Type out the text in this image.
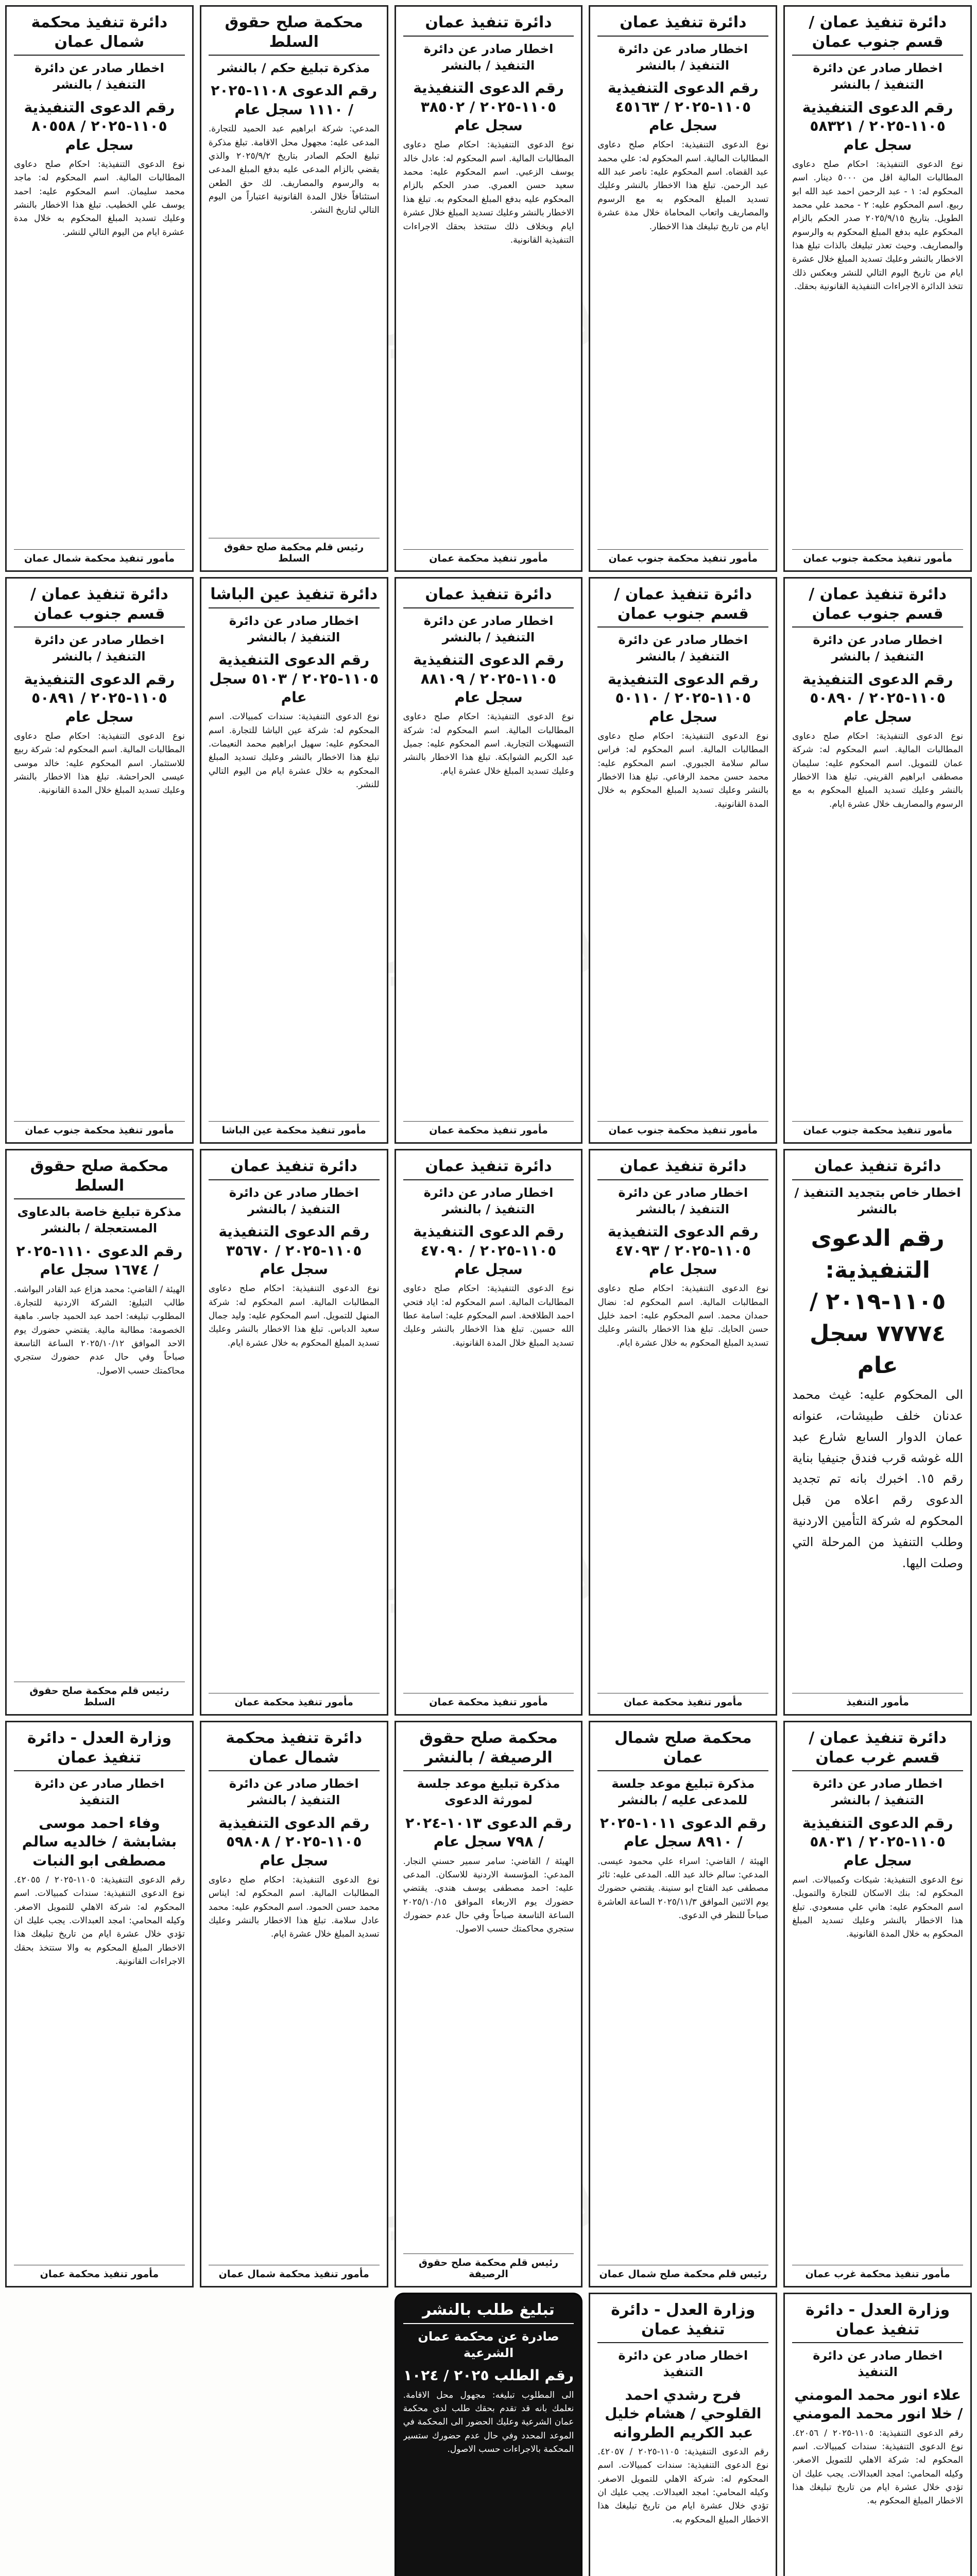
دائرة تنفيذ عمان / قسم جنوب عمان
اخطار صادر عن دائرة التنفيذ / بالنشر
رقم الدعوى التنفيذية ١١٠٥-٢٠٢٥ / ٥٨٣٢١ سجل عام
نوع الدعوى التنفيذية: احكام صلح دعاوى المطالبات المالية اقل من ٥٠٠٠ دينار. اسم المحكوم له: ١ - عبد الرحمن احمد عبد الله ابو ربيع. اسم المحكوم عليه: ٢ - محمد علي محمد الطويل. بتاريخ ٢٠٢٥/٩/١٥ صدر الحكم بالزام المحكوم عليه بدفع المبلغ المحكوم به والرسوم والمصاريف. وحيث تعذر تبليغك بالذات تبلغ هذا الاخطار بالنشر وعليك تسديد المبلغ خلال عشرة ايام من تاريخ اليوم التالي للنشر وبعكس ذلك تتخذ الدائرة الاجراءات التنفيذية القانونية بحقك.
مأمور تنفيذ محكمة جنوب عمان
دائرة تنفيذ عمان
اخطار صادر عن دائرة التنفيذ / بالنشر
رقم الدعوى التنفيذية ١١٠٥-٢٠٢٥ / ٤٥١٦٣ سجل عام
نوع الدعوى التنفيذية: احكام صلح دعاوى المطالبات المالية. اسم المحكوم له: علي محمد عبد القضاه. اسم المحكوم عليه: ناصر عبد الله عبد الرحمن. تبلغ هذا الاخطار بالنشر وعليك تسديد المبلغ المحكوم به مع الرسوم والمصاريف واتعاب المحاماة خلال مدة عشرة ايام من تاريخ تبليغك هذا الاخطار.
مأمور تنفيذ محكمة جنوب عمان
دائرة تنفيذ عمان
اخطار صادر عن دائرة التنفيذ / بالنشر
رقم الدعوى التنفيذية ١١٠٥-٢٠٢٥ / ٣٨٥٠٢ سجل عام
نوع الدعوى التنفيذية: احكام صلح دعاوى المطالبات المالية. اسم المحكوم له: عادل خالد يوسف الزعبي. اسم المحكوم عليه: محمد سعيد حسن العمري. صدر الحكم بالزام المحكوم عليه بدفع المبلغ المحكوم به. تبلغ هذا الاخطار بالنشر وعليك تسديد المبلغ خلال عشرة ايام وبخلاف ذلك ستتخذ بحقك الاجراءات التنفيذية القانونية.
مأمور تنفيذ محكمة عمان
محكمة صلح حقوق السلط
مذكرة تبليغ حكم / بالنشر
رقم الدعوى ١١٠٨-٢٠٢٥ / ١١١٠ سجل عام
المدعي: شركة ابراهيم عبد الحميد للتجارة. المدعى عليه: مجهول محل الاقامة. تبلغ مذكرة تبليغ الحكم الصادر بتاريخ ٢٠٢٥/٩/٢ والذي يقضي بالزام المدعى عليه بدفع المبلغ المدعى به والرسوم والمصاريف. لك حق الطعن استئنافاً خلال المدة القانونية اعتباراً من اليوم التالي لتاريخ النشر.
رئيس قلم محكمة صلح حقوق السلط
دائرة تنفيذ محكمة شمال عمان
اخطار صادر عن دائرة التنفيذ / بالنشر
رقم الدعوى التنفيذية ١١٠٥-٢٠٢٥ / ٨٠٥٥٨ سجل عام
نوع الدعوى التنفيذية: احكام صلح دعاوى المطالبات المالية. اسم المحكوم له: ماجد محمد سليمان. اسم المحكوم عليه: احمد يوسف علي الخطيب. تبلغ هذا الاخطار بالنشر وعليك تسديد المبلغ المحكوم به خلال مدة عشرة ايام من اليوم التالي للنشر.
مأمور تنفيذ محكمة شمال عمان
دائرة تنفيذ عمان / قسم جنوب عمان
اخطار صادر عن دائرة التنفيذ / بالنشر
رقم الدعوى التنفيذية ١١٠٥-٢٠٢٥ / ٥٠٨٩٠ سجل عام
نوع الدعوى التنفيذية: احكام صلح دعاوى المطالبات المالية. اسم المحكوم له: شركة عمان للتمويل. اسم المحكوم عليه: سليمان مصطفى ابراهيم القريني. تبلغ هذا الاخطار بالنشر وعليك تسديد المبلغ المحكوم به مع الرسوم والمصاريف خلال عشرة ايام.
مأمور تنفيذ محكمة جنوب عمان
دائرة تنفيذ عمان / قسم جنوب عمان
اخطار صادر عن دائرة التنفيذ / بالنشر
رقم الدعوى التنفيذية ١١٠٥-٢٠٢٥ / ٥٠١١٠ سجل عام
نوع الدعوى التنفيذية: احكام صلح دعاوى المطالبات المالية. اسم المحكوم له: فراس سالم سلامة الجبوري. اسم المحكوم عليه: محمد حسن محمد الرفاعي. تبلغ هذا الاخطار بالنشر وعليك تسديد المبلغ المحكوم به خلال المدة القانونية.
مأمور تنفيذ محكمة جنوب عمان
دائرة تنفيذ عمان
اخطار صادر عن دائرة التنفيذ / بالنشر
رقم الدعوى التنفيذية ١١٠٥-٢٠٢٥ / ٨٨١٠٩ سجل عام
نوع الدعوى التنفيذية: احكام صلح دعاوى المطالبات المالية. اسم المحكوم له: شركة التسهيلات التجارية. اسم المحكوم عليه: جميل عبد الكريم الشوابكة. تبلغ هذا الاخطار بالنشر وعليك تسديد المبلغ خلال عشرة ايام.
مأمور تنفيذ محكمة عمان
دائرة تنفيذ عين الباشا
اخطار صادر عن دائرة التنفيذ / بالنشر
رقم الدعوى التنفيذية ١١٠٥-٢٠٢٥ / ٥١٠٣ سجل عام
نوع الدعوى التنفيذية: سندات كمبيالات. اسم المحكوم له: شركة عين الباشا للتجارة. اسم المحكوم عليه: سهيل ابراهيم محمد النعيمات. تبلغ هذا الاخطار بالنشر وعليك تسديد المبلغ المحكوم به خلال عشرة ايام من اليوم التالي للنشر.
مأمور تنفيذ محكمة عين الباشا
دائرة تنفيذ عمان / قسم جنوب عمان
اخطار صادر عن دائرة التنفيذ / بالنشر
رقم الدعوى التنفيذية ١١٠٥-٢٠٢٥ / ٥٠٨٩١ سجل عام
نوع الدعوى التنفيذية: احكام صلح دعاوى المطالبات المالية. اسم المحكوم له: شركة ربيع للاستثمار. اسم المحكوم عليه: خالد موسى عيسى الحراحشة. تبلغ هذا الاخطار بالنشر وعليك تسديد المبلغ خلال المدة القانونية.
مأمور تنفيذ محكمة جنوب عمان
دائرة تنفيذ عمان
اخطار خاص بتجديد التنفيذ / بالنشر
رقم الدعوى التنفيذية: ١١٠٥-٢٠١٩ / ٧٧٧٧٤ سجل عام
الى المحكوم عليه: غيث محمد عدنان خلف طبيشات، عنوانه عمان الدوار السابع شارع عبد الله غوشه قرب فندق جنيفيا بناية رقم ١٥. اخبرك بانه تم تجديد الدعوى رقم اعلاه من قبل المحكوم له شركة التأمين الاردنية وطلب التنفيذ من المرحلة التي وصلت اليها.
مأمور التنفيذ
دائرة تنفيذ عمان
اخطار صادر عن دائرة التنفيذ / بالنشر
رقم الدعوى التنفيذية ١١٠٥-٢٠٢٥ / ٤٧٠٩٣ سجل عام
نوع الدعوى التنفيذية: احكام صلح دعاوى المطالبات المالية. اسم المحكوم له: نضال حمدان محمد. اسم المحكوم عليه: احمد خليل حسن الحايك. تبلغ هذا الاخطار بالنشر وعليك تسديد المبلغ المحكوم به خلال عشرة ايام.
مأمور تنفيذ محكمة عمان
دائرة تنفيذ عمان
اخطار صادر عن دائرة التنفيذ / بالنشر
رقم الدعوى التنفيذية ١١٠٥-٢٠٢٥ / ٤٧٠٩٠ سجل عام
نوع الدعوى التنفيذية: احكام صلح دعاوى المطالبات المالية. اسم المحكوم له: اياد فتحي احمد الطلافحة. اسم المحكوم عليه: اسامة عطا الله حسين. تبلغ هذا الاخطار بالنشر وعليك تسديد المبلغ خلال المدة القانونية.
مأمور تنفيذ محكمة عمان
دائرة تنفيذ عمان
اخطار صادر عن دائرة التنفيذ / بالنشر
رقم الدعوى التنفيذية ١١٠٥-٢٠٢٥ / ٣٥٦٧٠ سجل عام
نوع الدعوى التنفيذية: احكام صلح دعاوى المطالبات المالية. اسم المحكوم له: شركة المنهل للتمويل. اسم المحكوم عليه: وليد جمال سعيد الدباس. تبلغ هذا الاخطار بالنشر وعليك تسديد المبلغ المحكوم به خلال عشرة ايام.
مأمور تنفيذ محكمة عمان
محكمة صلح حقوق السلط
مذكرة تبليغ خاصة بالدعاوى المستعجلة / بالنشر
رقم الدعوى ١١١٠-٢٠٢٥ / ١٦٧٤ سجل عام
الهيئة / القاضي: محمد هزاع عبد القادر البواشه. طالب التبليغ: الشركة الاردنية للتجارة. المطلوب تبليغه: احمد عبد الحميد جاسر. ماهية الخصومة: مطالبة مالية. يقتضي حضورك يوم الاحد الموافق ٢٠٢٥/١٠/١٢ الساعة التاسعة صباحاً وفي حال عدم حضورك ستجري محاكمتك حسب الاصول.
رئيس قلم محكمة صلح حقوق السلط
دائرة تنفيذ عمان / قسم غرب عمان
اخطار صادر عن دائرة التنفيذ / بالنشر
رقم الدعوى التنفيذية ١١٠٥-٢٠٢٥ / ٥٨٠٣١ سجل عام
نوع الدعوى التنفيذية: شيكات وكمبيالات. اسم المحكوم له: بنك الاسكان للتجارة والتمويل. اسم المحكوم عليه: هاني علي مسعودي. تبلغ هذا الاخطار بالنشر وعليك تسديد المبلغ المحكوم به خلال المدة القانونية.
مأمور تنفيذ محكمة غرب عمان
محكمة صلح شمال عمان
مذكرة تبليغ موعد جلسة للمدعى عليه / بالنشر
رقم الدعوى ١٠١١-٢٠٢٥ / ٨٩١٠ سجل عام
الهيئة / القاضي: اسراء علي محمود عيسى. المدعي: سالم خالد عبد الله. المدعى عليه: ثائر مصطفى عبد الفتاح ابو سنينة. يقتضي حضورك يوم الاثنين الموافق ٢٠٢٥/١١/٣ الساعة العاشرة صباحاً للنظر في الدعوى.
رئيس قلم محكمة صلح شمال عمان
محكمة صلح حقوق الرصيفة / بالنشر
مذكرة تبليغ موعد جلسة لمورثة الدعوى
رقم الدعوى ١٠١٣-٢٠٢٤ / ٧٩٨ سجل عام
الهيئة / القاضي: سامر سمير حسني النجار. المدعي: المؤسسة الاردنية للاسكان. المدعى عليه: احمد مصطفى يوسف هندي. يقتضي حضورك يوم الاربعاء الموافق ٢٠٢٥/١٠/١٥ الساعة التاسعة صباحاً وفي حال عدم حضورك ستجري محاكمتك حسب الاصول.
رئيس قلم محكمة صلح حقوق الرصيفة
دائرة تنفيذ محكمة شمال عمان
اخطار صادر عن دائرة التنفيذ / بالنشر
رقم الدعوى التنفيذية ١١٠٥-٢٠٢٥ / ٥٩٨٠٨ سجل عام
نوع الدعوى التنفيذية: احكام صلح دعاوى المطالبات المالية. اسم المحكوم له: ايناس محمد حسن الحمود. اسم المحكوم عليه: محمد عادل سلامة. تبلغ هذا الاخطار بالنشر وعليك تسديد المبلغ خلال عشرة ايام.
مأمور تنفيذ محكمة شمال عمان
وزارة العدل - دائرة تنفيذ عمان
اخطار صادر عن دائرة التنفيذ
وفاء احمد موسى بشابشة / خالديه سالم مصطفى ابو النبات
رقم الدعوى التنفيذية: ١١٠٥-٢٠٢٥ / ٤٢٠٥٥. نوع الدعوى التنفيذية: سندات كمبيالات. اسم المحكوم له: شركة الاهلي للتمويل الاصغر. وكيله المحامي: امجد العبدالات. يجب عليك ان تؤدي خلال عشرة ايام من تاريخ تبليغك هذا الاخطار المبلغ المحكوم به والا ستتخذ بحقك الاجراءات القانونية.
مأمور تنفيذ محكمة عمان
وزارة العدل - دائرة تنفيذ عمان
اخطار صادر عن دائرة التنفيذ
علاء انور محمد المومني / خلا انور محمد المومني
رقم الدعوى التنفيذية: ١١٠٥-٢٠٢٥ / ٤٢٠٥٦. نوع الدعوى التنفيذية: سندات كمبيالات. اسم المحكوم له: شركة الاهلي للتمويل الاصغر. وكيله المحامي: امجد العبدالات. يجب عليك ان تؤدي خلال عشرة ايام من تاريخ تبليغك هذا الاخطار المبلغ المحكوم به.
وزارة العدل - دائرة تنفيذ عمان
اخطار صادر عن دائرة التنفيذ
فرح رشدي احمد القلوحي / هشام خليل عبد الكريم الطروانه
رقم الدعوى التنفيذية: ١١٠٥-٢٠٢٥ / ٤٢٠٥٧. نوع الدعوى التنفيذية: سندات كمبيالات. اسم المحكوم له: شركة الاهلي للتمويل الاصغر. وكيله المحامي: امجد العبدالات. يجب عليك ان تؤدي خلال عشرة ايام من تاريخ تبليغك هذا الاخطار المبلغ المحكوم به.
تبليغ طلب بالنشر
صادرة عن محكمة عمان الشرعية
رقم الطلب ٢٠٢٥ / ١٠٢٤
الى المطلوب تبليغه: مجهول محل الاقامة. نعلمك بانه قد تقدم بحقك طلب لدى محكمة عمان الشرعية وعليك الحضور الى المحكمة في الموعد المحدد وفي حال عدم حضورك ستسير المحكمة بالاجراءات حسب الاصول.
